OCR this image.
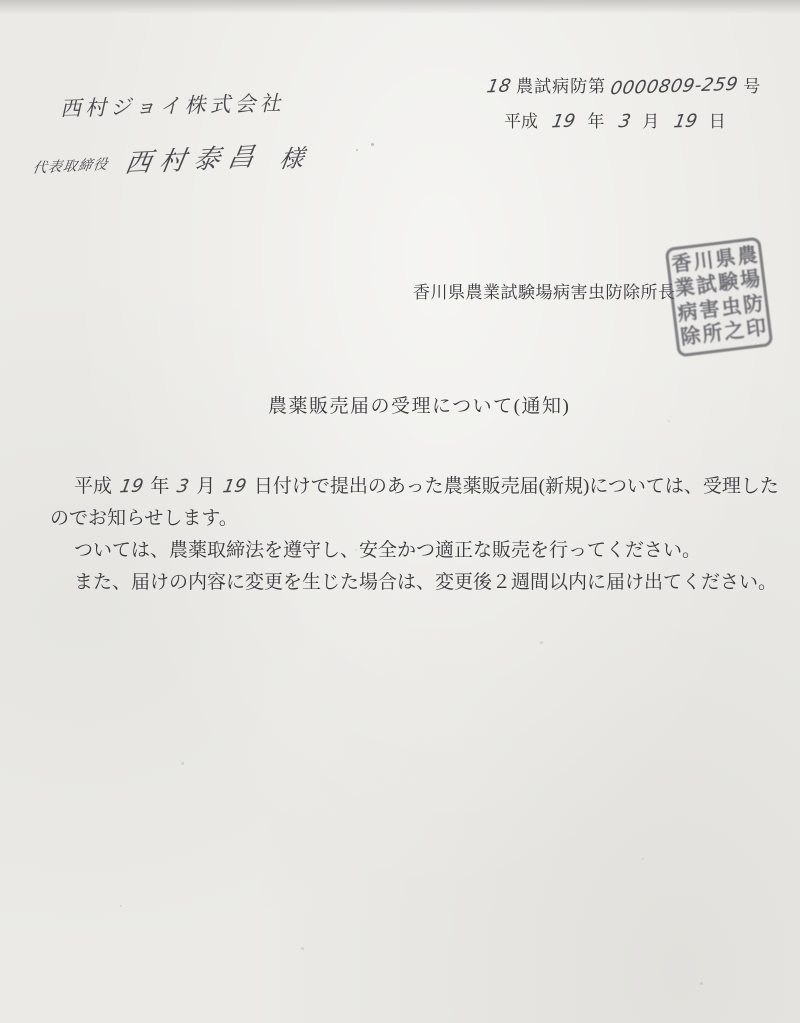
18 農試病防第 0000809-259 号
平成 19 年 3 月 19 日
西村ジョイ株式会社
代表取締役 西村泰昌 様
香川県農業試験場病害虫防除所長
香川県農
業試験場
病害虫防
除所之印
農薬販売届の受理について(通知)
平成 19 年 3 月 19 日付けで提出のあった農薬販売届(新規)については、受理した
のでお知らせします。
ついては、農薬取締法を遵守し、安全かつ適正な販売を行ってください。
また、届けの内容に変更を生じた場合は、変更後２週間以内に届け出てください。
